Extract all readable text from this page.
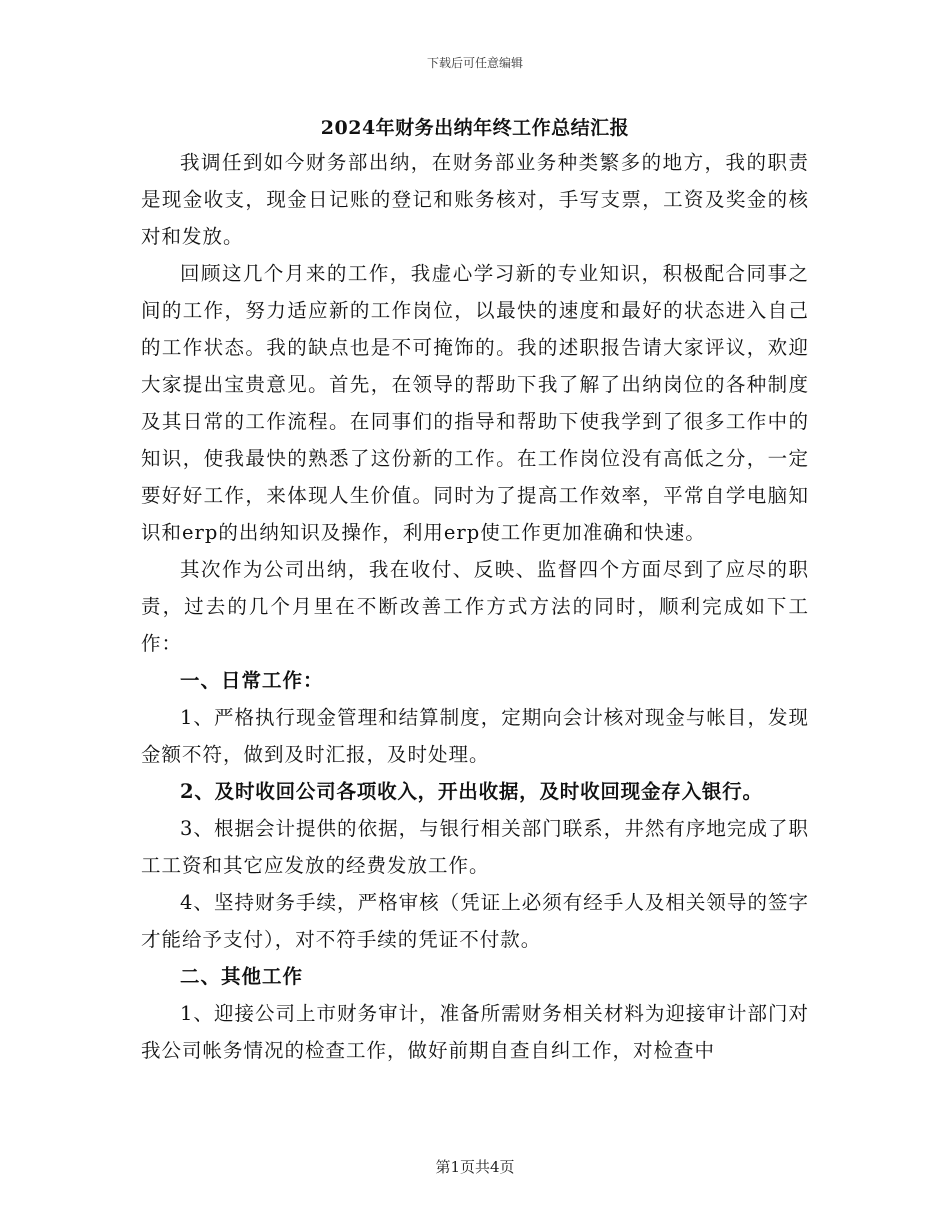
下载后可任意编辑
2024年财务出纳年终工作总结汇报

我调任到如今财务部出纳，在财务部业务种类繁多的地方，我的职责是现金收支，现金日记账的登记和账务核对，手写支票，工资及奖金的核对和发放。

回顾这几个月来的工作，我虚心学习新的专业知识，积极配合同事之间的工作，努力适应新的工作岗位，以最快的速度和最好的状态进入自己的工作状态。我的缺点也是不可掩饰的。我的述职报告请大家评议，欢迎大家提出宝贵意见。首先，在领导的帮助下我了解了出纳岗位的各种制度及其日常的工作流程。在同事们的指导和帮助下使我学到了很多工作中的知识，使我最快的熟悉了这份新的工作。在工作岗位没有高低之分，一定要好好工作，来体现人生价值。同时为了提高工作效率，平常自学电脑知识和erp的出纳知识及操作，利用erp使工作更加准确和快速。

其次作为公司出纳，我在收付、反映、监督四个方面尽到了应尽的职责，过去的几个月里在不断改善工作方式方法的同时，顺利完成如下工作：

一、日常工作：

1、严格执行现金管理和结算制度，定期向会计核对现金与帐目，发现金额不符，做到及时汇报，及时处理。

2、及时收回公司各项收入，开出收据，及时收回现金存入银行。

3、根据会计提供的依据，与银行相关部门联系，井然有序地完成了职工工资和其它应发放的经费发放工作。

4、坚持财务手续，严格审核（凭证上必须有经手人及相关领导的签字才能给予支付），对不符手续的凭证不付款。

二、其他工作

1、迎接公司上市财务审计，准备所需财务相关材料为迎接审计部门对我公司帐务情况的检查工作，做好前期自查自纠工作，对检查中

第1页共4页
